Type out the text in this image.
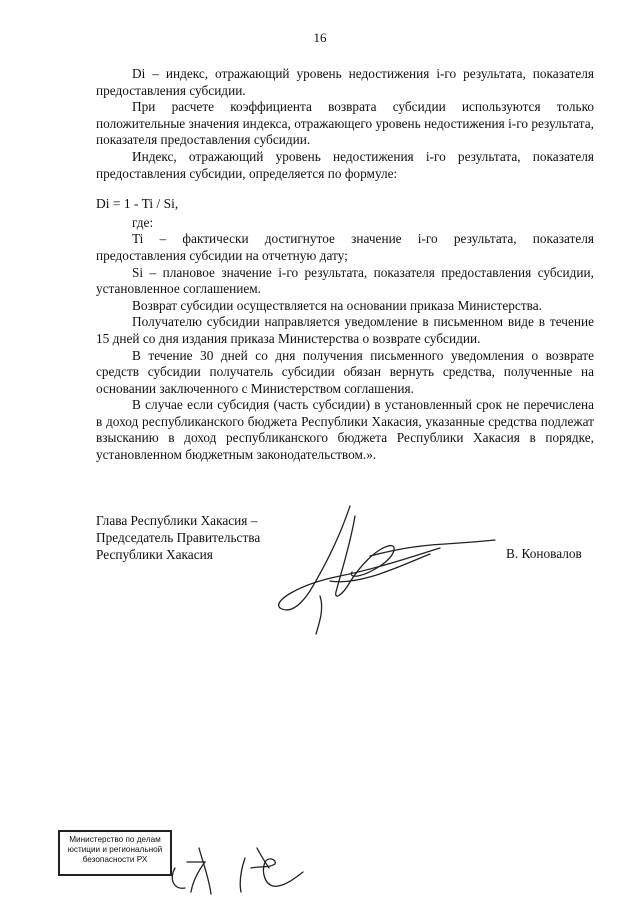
16

Di – индекс, отражающий уровень недостижения i-го результата, показателя предоставления субсидии.

При расчете коэффициента возврата субсидии используются только положительные значения индекса, отражающего уровень недостижения i-го результата, показателя предоставления субсидии.

Индекс, отражающий уровень недостижения i-го результата, показателя предоставления субсидии, определяется по формуле:

Di = 1 - Ti / Si,

где:

Ti – фактически достигнутое значение i-го результата, показателя предоставления субсидии на отчетную дату;

Si – плановое значение i-го результата, показателя предоставления субсидии, установленное соглашением.

Возврат субсидии осуществляется на основании приказа Министерства.

Получателю субсидии направляется уведомление в письменном виде в течение 15 дней со дня издания приказа Министерства о возврате субсидии.

В течение 30 дней со дня получения письменного уведомления о возврате средств субсидии получатель субсидии обязан вернуть средства, полученные на основании заключенного с Министерством соглашения.

В случае если субсидия (часть субсидии) в установленный срок не перечислена в доход республиканского бюджета Республики Хакасия, указанные средства подлежат взысканию в доход республиканского бюджета Республики Хакасия в порядке, установленном бюджетным законодательством.».

Глава Республики Хакасия –
Председатель Правительства
Республики Хакасия	В. Коновалов
Министерство по делам
юстиции и региональной
безопасности РХ
